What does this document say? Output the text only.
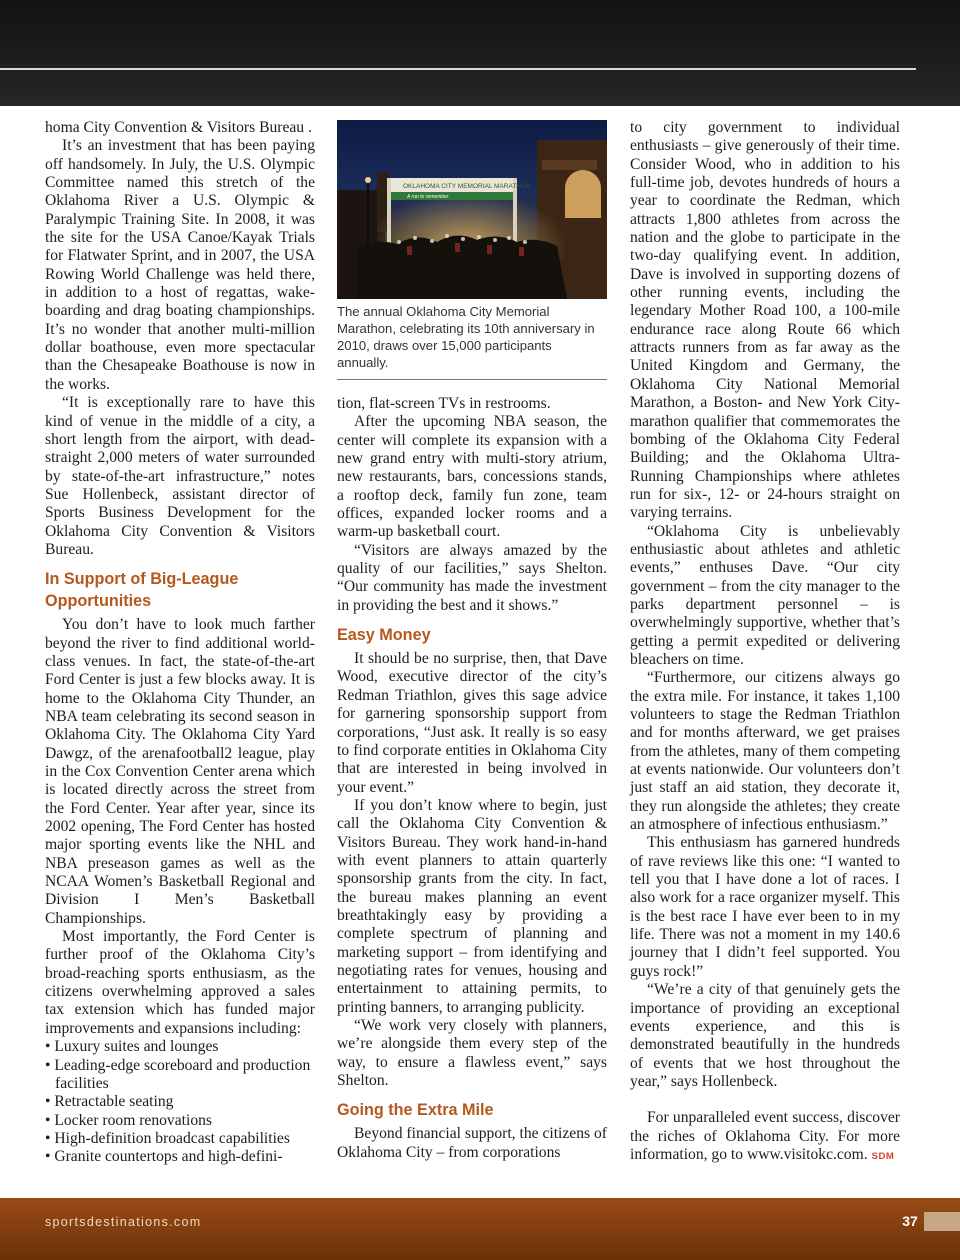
homa City Convention & Visitors Bureau .

It’s an investment that has been paying off handsomely. In July, the U.S. Olympic Committee named this stretch of the Oklahoma River a U.S. Olympic & Paralympic Training Site. In 2008, it was the site for the USA Canoe/Kayak Trials for Flatwater Sprint, and in 2007, the USA Rowing World Challenge was held there, in addition to a host of regattas, wake-boarding and drag boating championships. It’s no wonder that another multi-million dollar boathouse, even more spectacular than the Chesapeake Boathouse is now in the works.

“It is exceptionally rare to have this kind of venue in the middle of a city, a short length from the airport, with dead-straight 2,000 meters of water surrounded by state-of-the-art infrastructure,” notes Sue Hollenbeck, assistant director of Sports Business Development for the Oklahoma City Convention & Visitors Bureau.

In Support of Big-League Opportunities

You don’t have to look much farther beyond the river to find additional world-class venues. In fact, the state-of-the-art Ford Center is just a few blocks away. It is home to the Oklahoma City Thunder, an NBA team celebrating its second season in Oklahoma City. The Oklahoma City Yard Dawgz, of the arenafootball2 league, play in the Cox Convention Center arena which is located directly across the street from the Ford Center. Year after year, since its 2002 opening, The Ford Center has hosted major sporting events like the NHL and NBA preseason games as well as the NCAA Women’s Basketball Regional and Division I Men’s Basketball Championships.

Most importantly, the Ford Center is further proof of the Oklahoma City’s broad-reaching sports enthusiasm, as the citizens overwhelming approved a sales tax extension which has funded major improvements and expansions including:

• Luxury suites and lounges
• Leading-edge scoreboard and production facilities
• Retractable seating
• Locker room renovations
• High-definition broadcast capabilities
• Granite countertops and high-defini-
OKLAHOMA CITY MEMORIAL MARATHON
A run to remember
The annual Oklahoma City Memorial Marathon, celebrating its 10th anniversary in 2010, draws over 15,000 participants annually.

tion, flat-screen TVs in restrooms.

After the upcoming NBA season, the center will complete its expansion with a new grand entry with multi-story atrium, new restaurants, bars, concessions stands, a rooftop deck, family fun zone, team offices, expanded locker rooms and a warm-up basketball court.

“Visitors are always amazed by the quality of our facilities,” says Shelton. “Our community has made the investment in providing the best and it shows.”

Easy Money

It should be no surprise, then, that Dave Wood, executive director of the city’s Redman Triathlon, gives this sage advice for garnering sponsorship support from corporations, “Just ask. It really is so easy to find corporate entities in Oklahoma City that are interested in being involved in your event.”

If you don’t know where to begin, just call the Oklahoma City Convention & Visitors Bureau. They work hand-in-hand with event planners to attain quarterly sponsorship grants from the city. In fact, the bureau makes planning an event breathtakingly easy by providing a complete spectrum of planning and marketing support – from identifying and negotiating rates for venues, housing and entertainment to attaining permits, to printing banners, to arranging publicity.

“We work very closely with planners, we’re alongside them every step of the way, to ensure a flawless event,” says Shelton.

Going the Extra Mile

Beyond financial support, the citizens of Oklahoma City – from corporations

to city government to individual enthusiasts – give generously of their time. Consider Wood, who in addition to his full-time job, devotes hundreds of hours a year to coordinate the Redman, which attracts 1,800 athletes from across the nation and the globe to participate in the two-day qualifying event. In addition, Dave is involved in supporting dozens of other running events, including the legendary Mother Road 100, a 100-mile endurance race along Route 66 which attracts runners from as far away as the United Kingdom and Germany, the Oklahoma City National Memorial Marathon, a Boston- and New York City-marathon qualifier that commemorates the bombing of the Oklahoma City Federal Building; and the Oklahoma Ultra-Running Championships where athletes run for six-, 12- or 24-hours straight on varying terrains.

“Oklahoma City is unbelievably enthusiastic about athletes and athletic events,” enthuses Dave. “Our city government – from the city manager to the parks department personnel – is overwhelmingly supportive, whether that’s getting a permit expedited or delivering bleachers on time.

“Furthermore, our citizens always go the extra mile. For instance, it takes 1,100 volunteers to stage the Redman Triathlon and for months afterward, we get praises from the athletes, many of them competing at events nationwide. Our volunteers don’t just staff an aid station, they decorate it, they run alongside the athletes; they create an atmosphere of infectious enthusiasm.”

This enthusiasm has garnered hundreds of rave reviews like this one: “I wanted to tell you that I have done a lot of races. I also work for a race organizer myself. This is the best race I have ever been to in my life. There was not a moment in my 140.6 journey that I didn’t feel supported. You guys rock!”

“We’re a city of that genuinely gets the importance of providing an exceptional events experience, and this is demonstrated beautifully in the hundreds of events that we host throughout the year,” says Hollenbeck.

For unparalleled event success, discover the riches of Oklahoma City. For more information, go to www.visitokc.com. SDM

sportsdestinations.com	37
